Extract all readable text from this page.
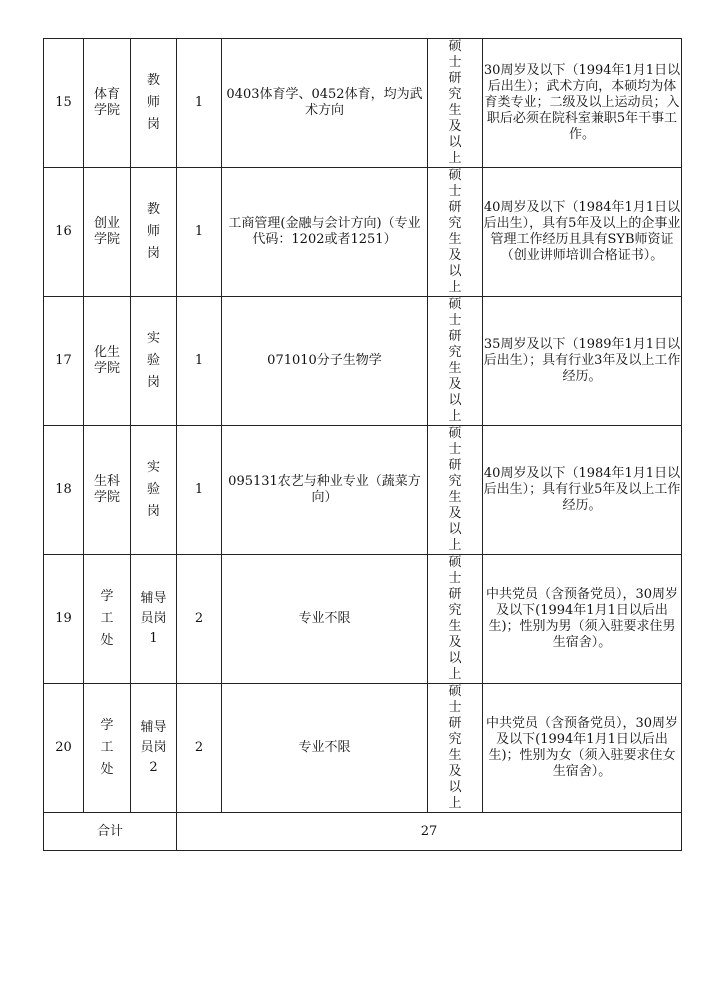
15	体育学院	教师岗	1	0403体育学、0452体育，均为武术方向	硕士研究生及以上	30周岁及以下（1994年1月1日以后出生）；武术方向，本硕均为体育类专业；二级及以上运动员；入职后必须在院科室兼职5年干事工作。
16	创业学院	教师岗	1	工商管理(金融与会计方向)（专业代码：1202或者1251）	硕士研究生及以上	40周岁及以下（1984年1月1日以后出生），具有5年及以上的企事业管理工作经历且具有SYB师资证（创业讲师培训合格证书）。
17	化生学院	实验岗	1	071010分子生物学	硕士研究生及以上	35周岁及以下（1989年1月1日以后出生）；具有行业3年及以上工作经历。
18	生科学院	实验岗	1	095131农艺与种业专业（蔬菜方向）	硕士研究生及以上	40周岁及以下（1984年1月1日以后出生）；具有行业5年及以上工作经历。
19	学工处	辅导员岗1	2	专业不限	硕士研究生及以上	中共党员（含预备党员），30周岁及以下(1994年1月1日以后出生)；性别为男（须入驻要求住男生宿舍）。
20	学工处	辅导员岗2	2	专业不限	硕士研究生及以上	中共党员（含预备党员），30周岁及以下(1994年1月1日以后出生)；性别为女（须入驻要求住女生宿舍）。
合计			27			
